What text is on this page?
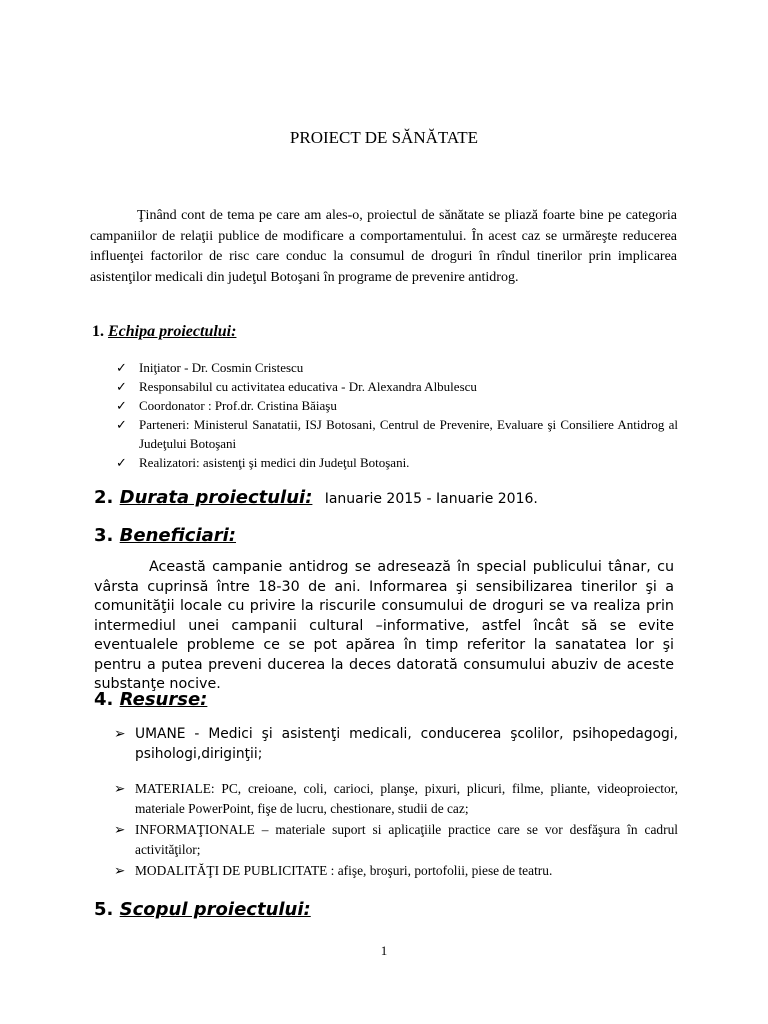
PROIECT DE SĂNĂTATE

Ţinând cont de tema pe care am ales-o, proiectul de sănătate se pliază foarte bine pe categoria campaniilor de relaţii publice de modificare a comportamentului. În acest caz se urmăreşte reducerea influenţei factorilor de risc care conduc la consumul de droguri în rîndul tinerilor prin implicarea asistenţilor medicali din judeţul Botoşani în programe de prevenire antidrog.

1. Echipa proiectului:
✓ Iniţiator - Dr. Cosmin Cristescu
✓ Responsabilul cu activitatea educativa - Dr. Alexandra Albulescu
✓ Coordonator : Prof.dr. Cristina Băiaşu
✓ Parteneri: Ministerul Sanatatii, ISJ Botosani, Centrul de Prevenire, Evaluare şi Consiliere Antidrog al Judeţului Botoşani
✓ Realizatori: asistenţi şi medici din Judeţul Botoşani.
2. Durata proiectului: Ianuarie 2015 - Ianuarie 2016.
3. Beneficiari:

Această campanie antidrog se adresează în special publicului tânar, cu vârsta cuprinsă între 18-30 de ani. Informarea şi sensibilizarea tinerilor şi a comunităţii locale cu privire la riscurile consumului de droguri se va realiza prin intermediul unei campanii cultural –informative, astfel încât să se evite eventualele probleme ce se pot apărea în timp referitor la sanatatea lor şi pentru a putea preveni ducerea la deces datorată consumului abuziv de aceste substanţe nocive.

4. Resurse:
➢ UMANE - Medici şi asistenţi medicali, conducerea şcolilor, psihopedagogi, psihologi,diriginţii;
➢ MATERIALE: PC, creioane, coli, carioci, planşe, pixuri, plicuri, filme, pliante, videoproiector, materiale PowerPoint, fişe de lucru, chestionare, studii de caz;
➢ INFORMAŢIONALE – materiale suport si aplicaţiile practice care se vor desfăşura în cadrul activităţilor;
➢ MODALITĂŢI DE PUBLICITATE : afişe, broşuri, portofolii, piese de teatru.
5. Scopul proiectului:
1
